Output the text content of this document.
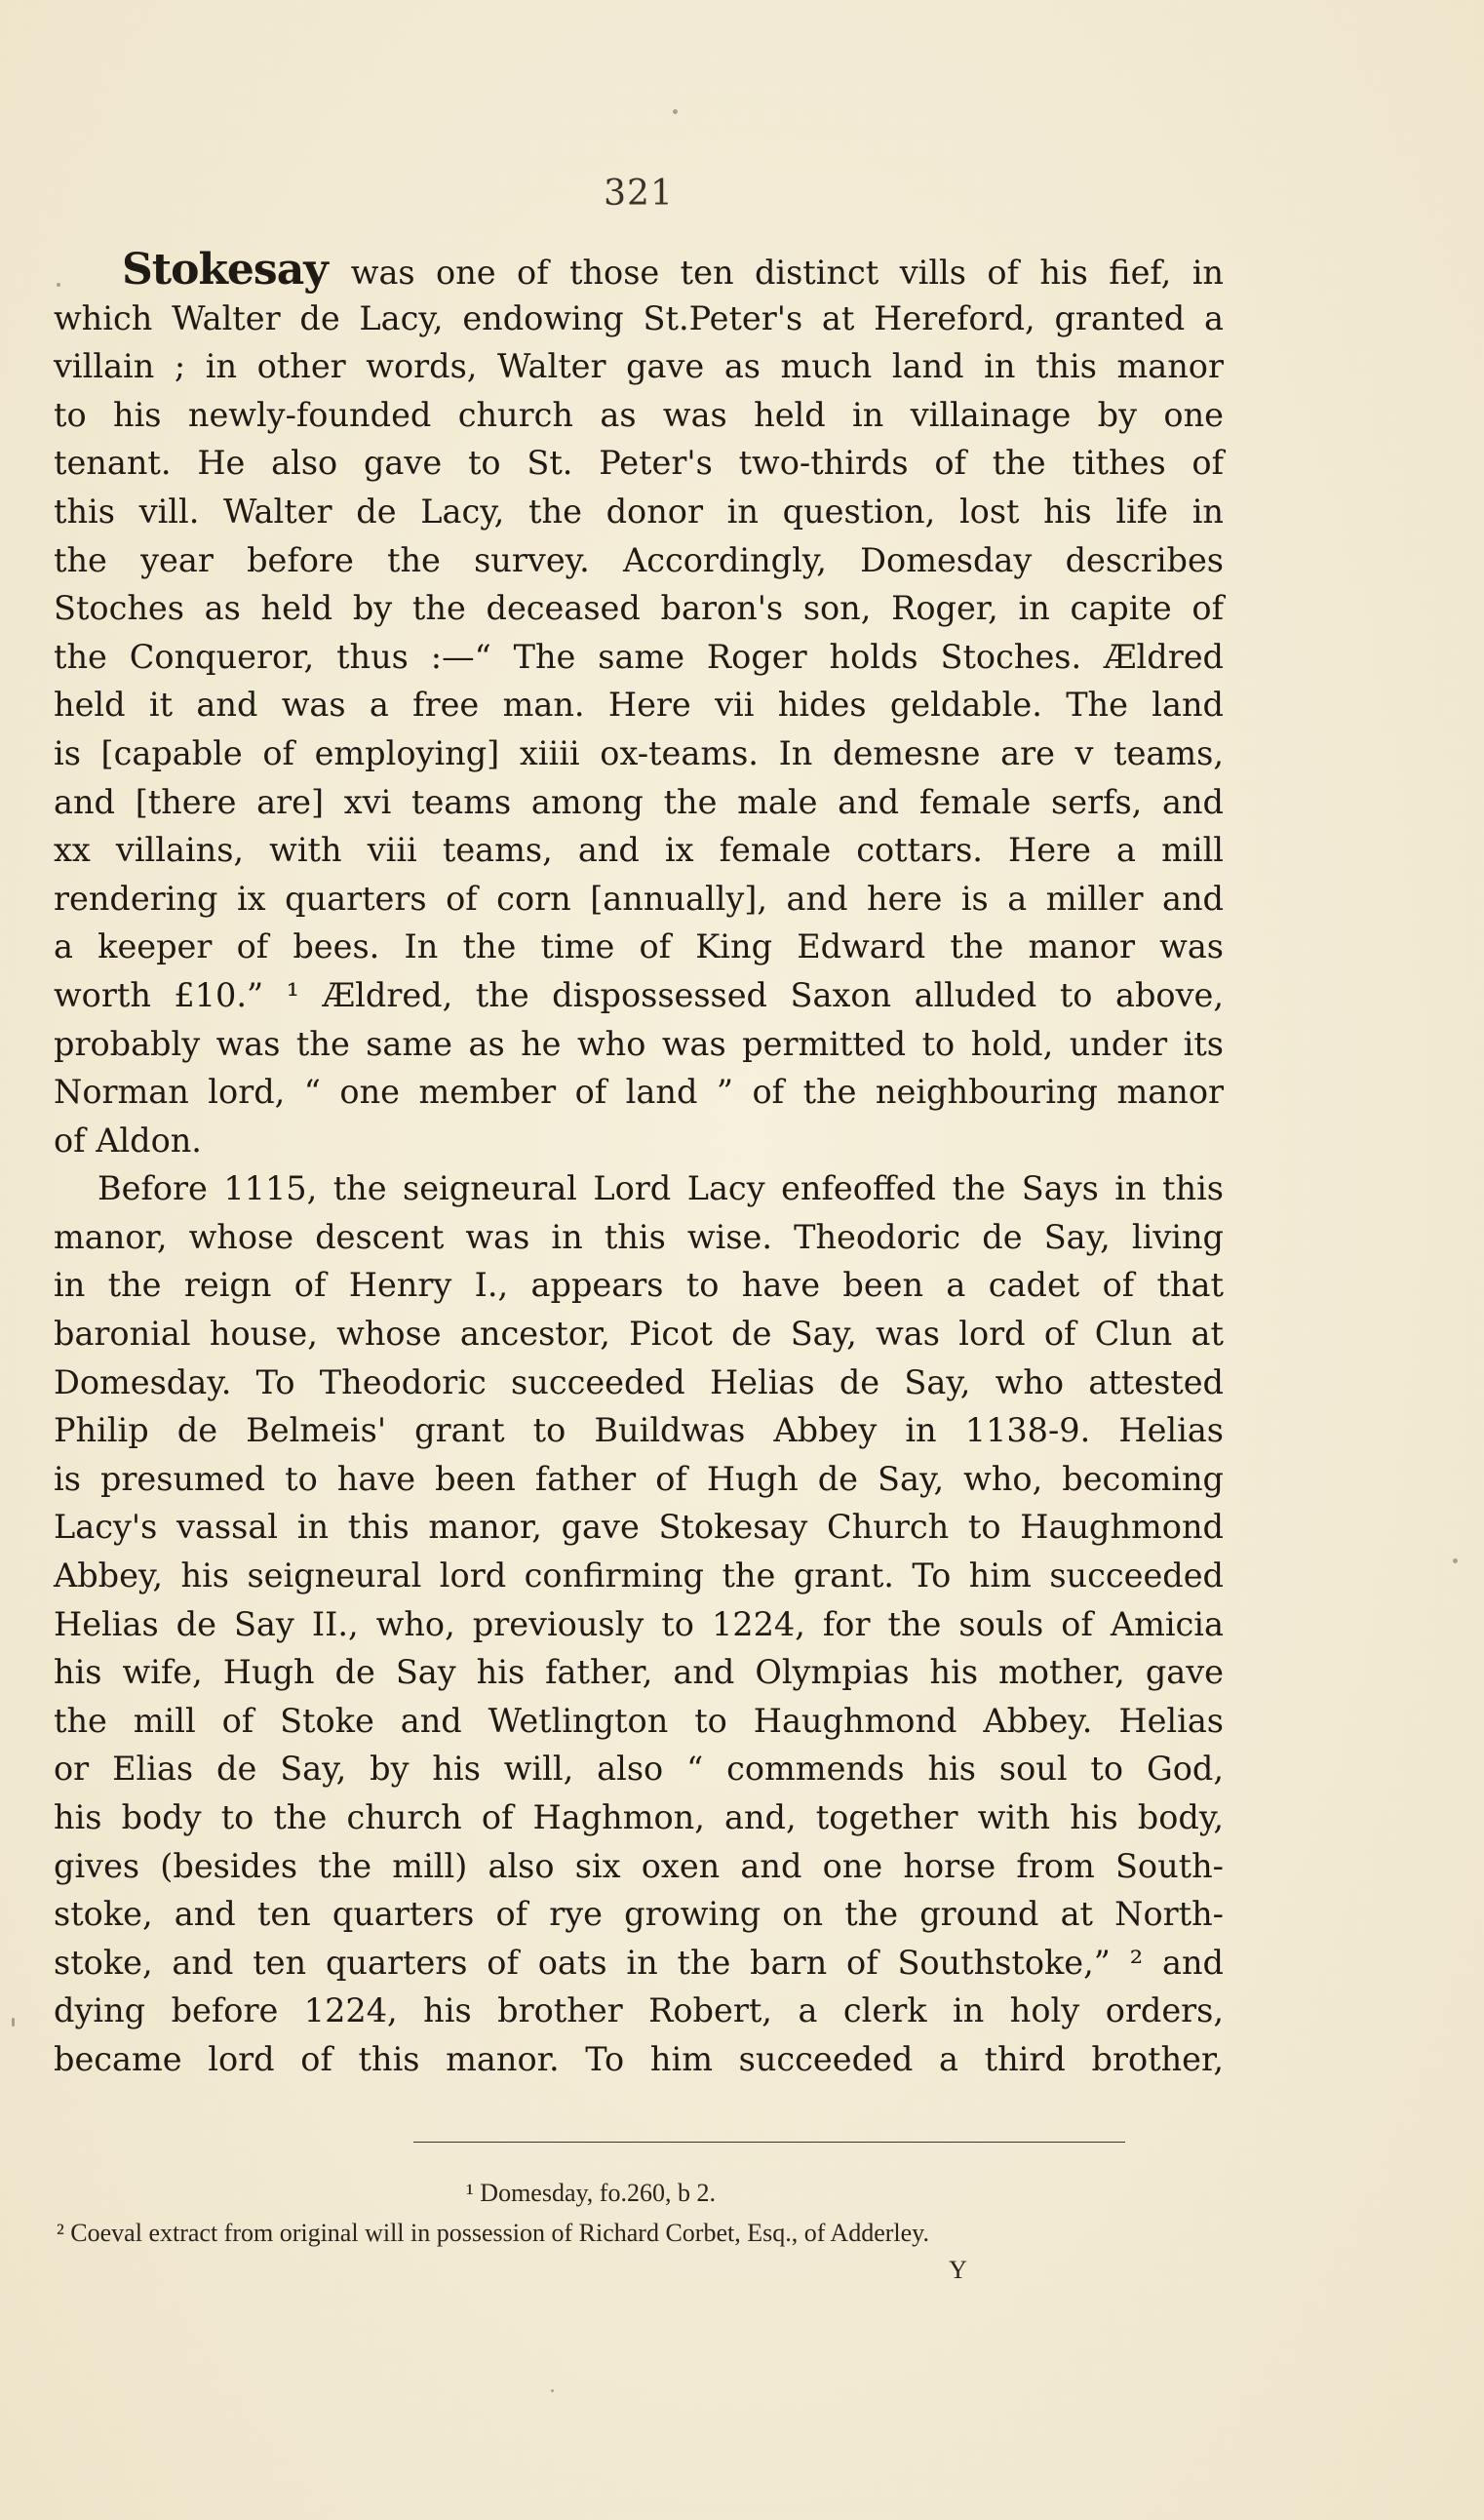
321
Stokesay was one of those ten distinct vills of his fief, in
which Walter de Lacy, endowing St.Peter's at Hereford, granted a
villain ; in other words, Walter gave as much land in this manor
to his newly-founded church as was held in villainage by one
tenant. He also gave to St. Peter's two-thirds of the tithes of
this vill. Walter de Lacy, the donor in question, lost his life in
the year before the survey. Accordingly, Domesday describes
Stoches as held by the deceased baron's son, Roger, in capite of
the Conqueror, thus :—“ The same Roger holds Stoches. Ældred
held it and was a free man. Here vii hides geldable. The land
is [capable of employing] xiiii ox-teams. In demesne are v teams,
and [there are] xvi teams among the male and female serfs, and
xx villains, with viii teams, and ix female cottars. Here a mill
rendering ix quarters of corn [annually], and here is a miller and
a keeper of bees. In the time of King Edward the manor was
worth £10.” ¹ Ældred, the dispossessed Saxon alluded to above,
probably was the same as he who was permitted to hold, under its
Norman lord, “ one member of land ” of the neighbouring manor
of Aldon.
Before 1115, the seigneural Lord Lacy enfeoffed the Says in this
manor, whose descent was in this wise. Theodoric de Say, living
in the reign of Henry I., appears to have been a cadet of that
baronial house, whose ancestor, Picot de Say, was lord of Clun at
Domesday. To Theodoric succeeded Helias de Say, who attested
Philip de Belmeis' grant to Buildwas Abbey in 1138-9. Helias
is presumed to have been father of Hugh de Say, who, becoming
Lacy's vassal in this manor, gave Stokesay Church to Haughmond
Abbey, his seigneural lord confirming the grant. To him succeeded
Helias de Say II., who, previously to 1224, for the souls of Amicia
his wife, Hugh de Say his father, and Olympias his mother, gave
the mill of Stoke and Wetlington to Haughmond Abbey. Helias
or Elias de Say, by his will, also “ commends his soul to God,
his body to the church of Haghmon, and, together with his body,
gives (besides the mill) also six oxen and one horse from South-
stoke, and ten quarters of rye growing on the ground at North-
stoke, and ten quarters of oats in the barn of Southstoke,” ² and
dying before 1224, his brother Robert, a clerk in holy orders,
became lord of this manor. To him succeeded a third brother,
¹ Domesday, fo.260, b 2.
² Coeval extract from original will in possession of Richard Corbet, Esq., of Adderley.
Y
